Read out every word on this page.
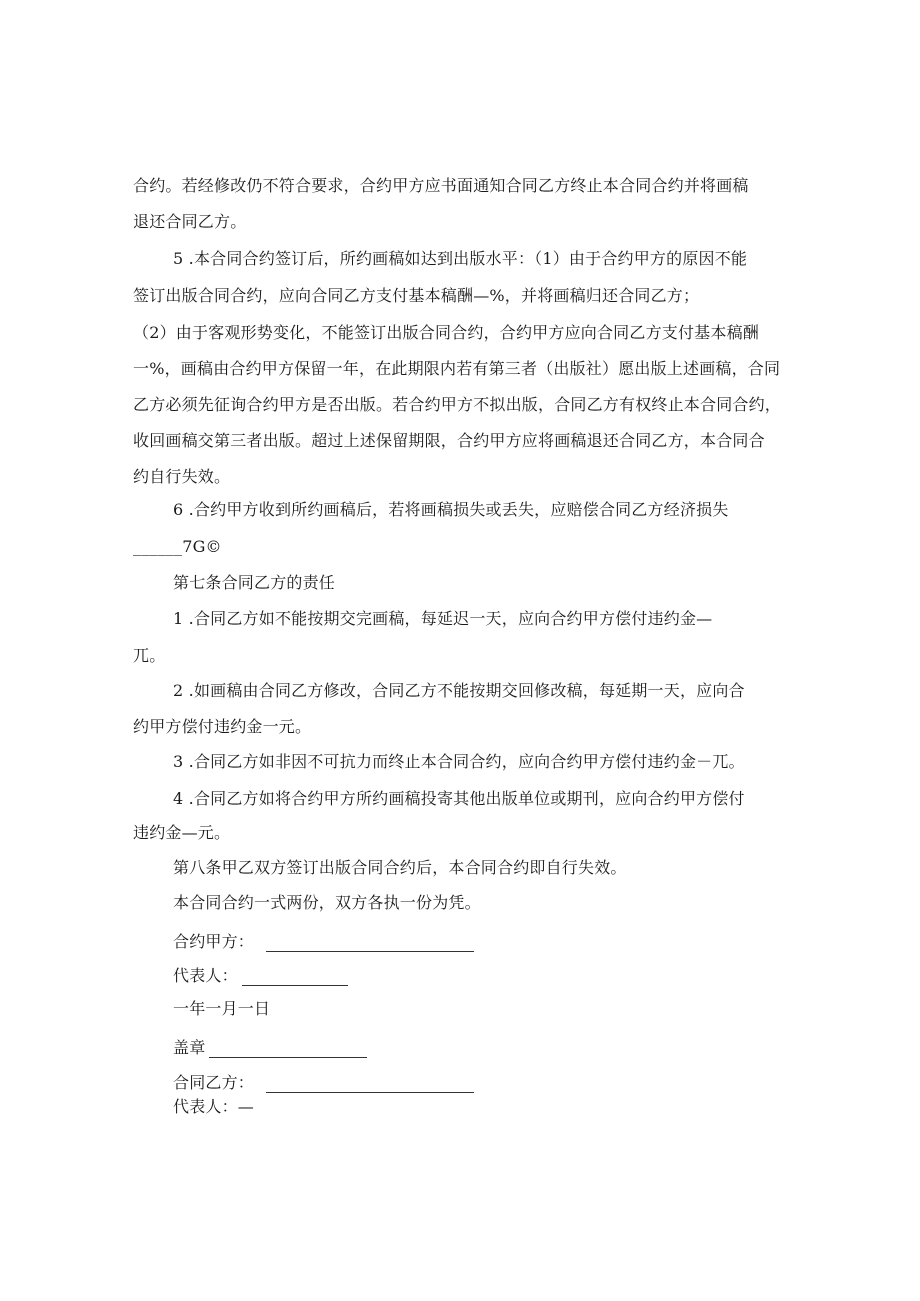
合约。若经修改仍不符合要求，合约甲方应书面通知合同乙方终止本合同合约并将画稿
退还合同乙方。
5 .本合同合约签订后，所约画稿如达到出版水平：（1）由于合约甲方的原因不能
签订出版合同合约，应向合同乙方支付基本稿酬—%，并将画稿归还合同乙方；
（2）由于客观形势变化，不能签订出版合同合约，合约甲方应向合同乙方支付基本稿酬
一%，画稿由合约甲方保留一年，在此期限内若有第三者（出版社）愿出版上述画稿，合同
乙方必须先征询合约甲方是否出版。若合约甲方不拟出版，合同乙方有权终止本合同合约，
收回画稿交第三者出版。超过上述保留期限，合约甲方应将画稿退还合同乙方，本合同合
约自行失效。
6 .合约甲方收到所约画稿后，若将画稿损失或丢失，应赔偿合同乙方经济损失
______7G©
第七条合同乙方的责任
1 .合同乙方如不能按期交完画稿，每延迟一天，应向合约甲方偿付违约金—
兀。
2 .如画稿由合同乙方修改，合同乙方不能按期交回修改稿，每延期一天，应向合
约甲方偿付违约金一元。
3 .合同乙方如非因不可抗力而终止本合同合约，应向合约甲方偿付违约金－兀。
4 .合同乙方如将合约甲方所约画稿投寄其他出版单位或期刊，应向合约甲方偿付
违约金—元。
第八条甲乙双方签订出版合同合约后，本合同合约即自行失效。
本合同合约一式两份，双方各执一份为凭。
合约甲方：
代表人：
一年一月一日
盖章
合同乙方：
代表人：—
